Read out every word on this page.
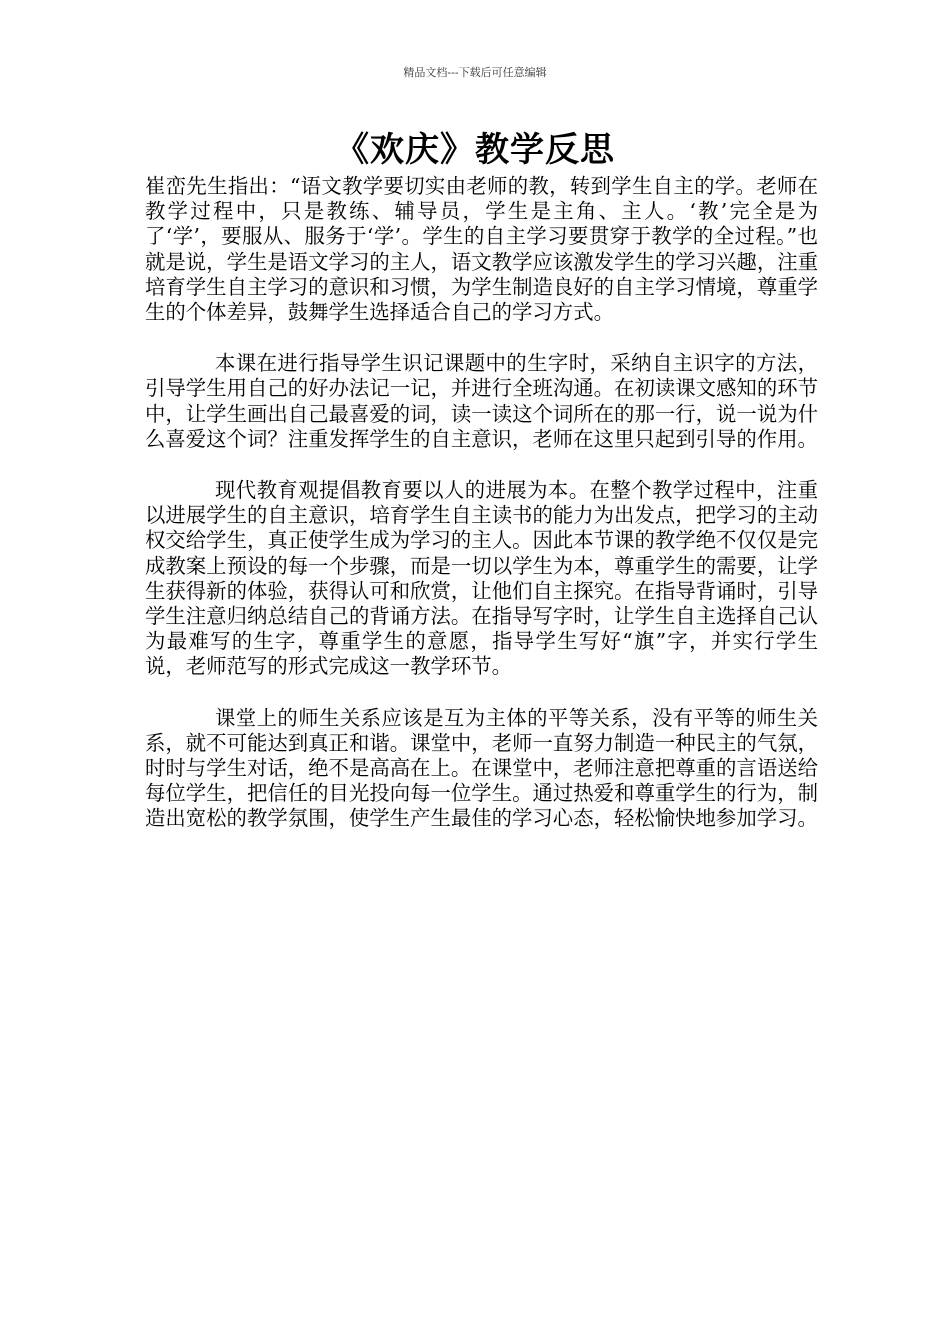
精品文档---下载后可任意编辑
《欢庆》教学反思

崔峦先生指出：“语文教学要切实由老师的教，转到学生自主的学。老师在教学过程中，只是教练、辅导员，学生是主角、主人。‘教’完全是为了‘学’，要服从、服务于‘学’。学生的自主学习要贯穿于教学的全过程。”也就是说，学生是语文学习的主人，语文教学应该激发学生的学习兴趣，注重培育学生自主学习的意识和习惯，为学生制造良好的自主学习情境，尊重学生的个体差异，鼓舞学生选择适合自己的学习方式。

本课在进行指导学生识记课题中的生字时，采纳自主识字的方法，引导学生用自己的好办法记一记，并进行全班沟通。在初读课文感知的环节中，让学生画出自己最喜爱的词，读一读这个词所在的那一行，说一说为什么喜爱这个词？注重发挥学生的自主意识，老师在这里只起到引导的作用。

现代教育观提倡教育要以人的进展为本。在整个教学过程中，注重以进展学生的自主意识，培育学生自主读书的能力为出发点，把学习的主动权交给学生，真正使学生成为学习的主人。因此本节课的教学绝不仅仅是完成教案上预设的每一个步骤，而是一切以学生为本，尊重学生的需要，让学生获得新的体验，获得认可和欣赏，让他们自主探究。在指导背诵时，引导学生注意归纳总结自己的背诵方法。在指导写字时，让学生自主选择自己认为最难写的生字，尊重学生的意愿，指导学生写好“旗”字，并实行学生说，老师范写的形式完成这一教学环节。

课堂上的师生关系应该是互为主体的平等关系，没有平等的师生关系，就不可能达到真正和谐。课堂中，老师一直努力制造一种民主的气氛，时时与学生对话，绝不是高高在上。在课堂中，老师注意把尊重的言语送给每位学生，把信任的目光投向每一位学生。通过热爱和尊重学生的行为，制造出宽松的教学氛围，使学生产生最佳的学习心态，轻松愉快地参加学习。
